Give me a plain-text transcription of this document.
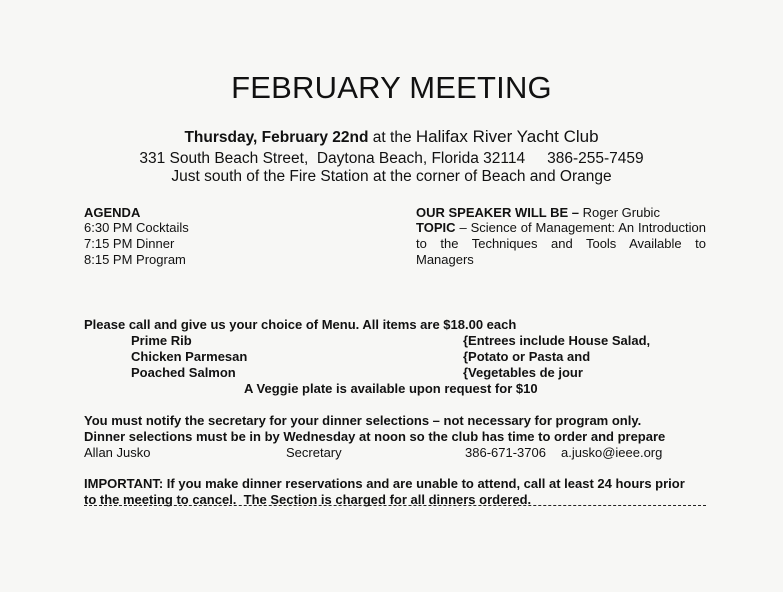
FEBRUARY MEETING
Thursday, February 22nd at the Halifax River Yacht Club
331 South Beach Street,  Daytona Beach, Florida 32114 386-255-7459
Just south of the Fire Station at the corner of Beach and Orange
AGENDA
6:30 PM Cocktails
7:15 PM Dinner
8:15 PM Program
OUR SPEAKER WILL BE – Roger Grubic
TOPIC – Science of Management: An Introduction to the Techniques and Tools Available to Managers
Please call and give us your choice of Menu. All items are $18.00 each
Prime Rib
Chicken Parmesan
Poached Salmon
{Entrees include House Salad,
{Potato or Pasta and
{Vegetables de jour
A Veggie plate is available upon request for $10
You must notify the secretary for your dinner selections – not necessary for program only.
Dinner selections must be in by Wednesday at noon so the club has time to order and prepare
Allan Jusko	Secretary	386-671-3706 a.jusko@ieee.org
IMPORTANT: If you make dinner reservations and are unable to attend, call at least 24 hours prior
to the meeting to cancel.  The Section is charged for all dinners ordered.
